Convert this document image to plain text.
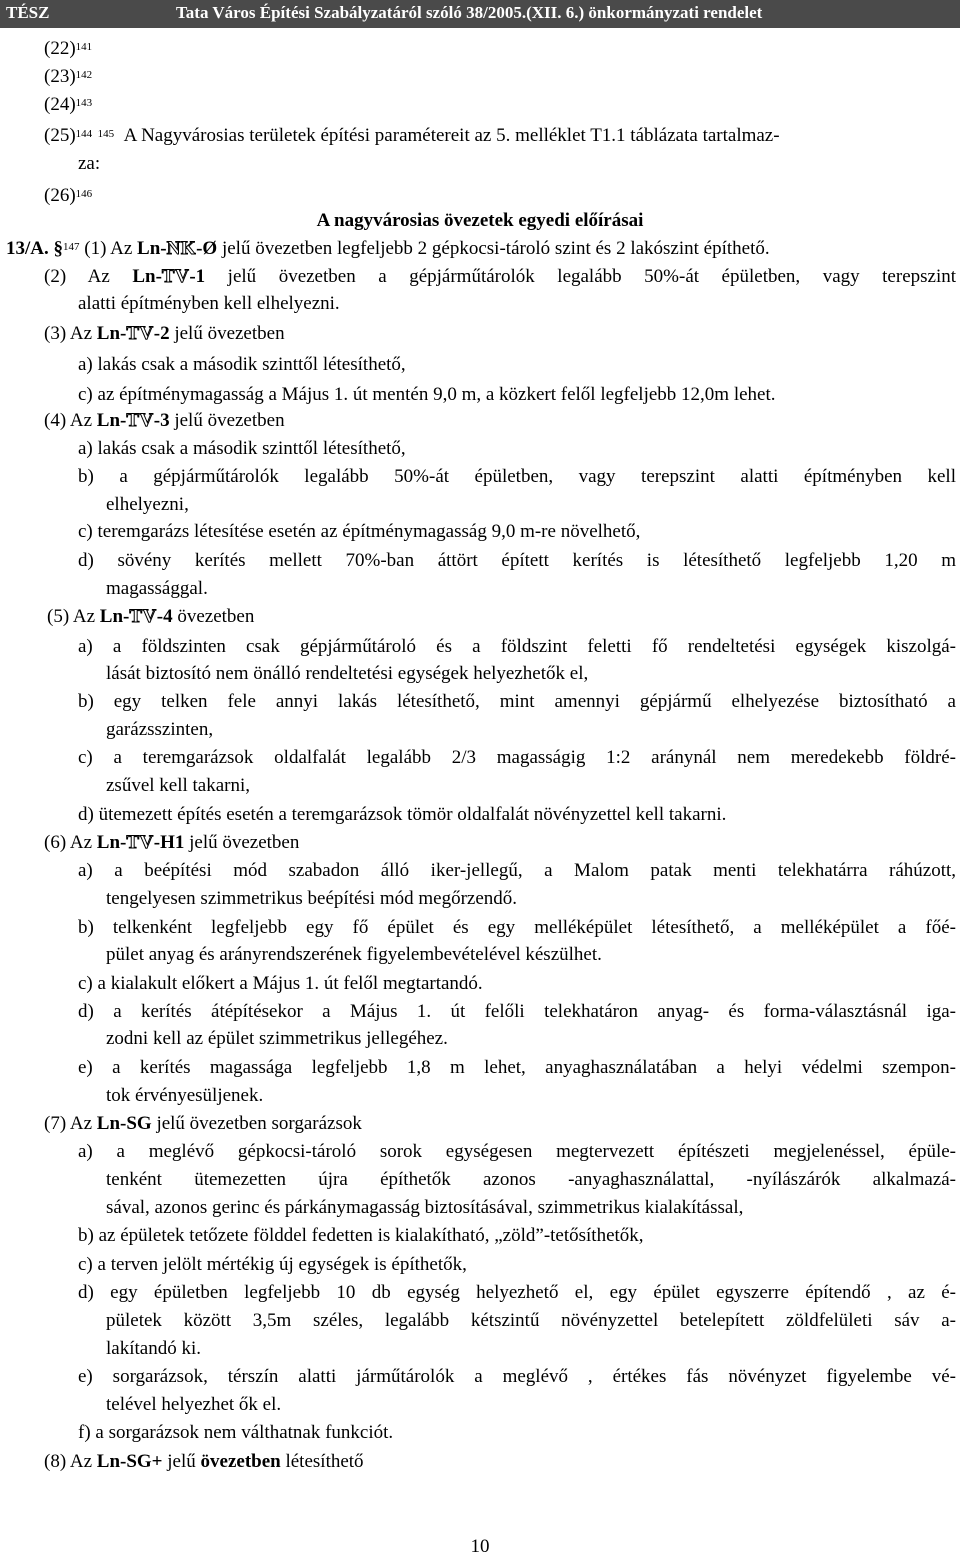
TÉSZ	Tata Város Építési Szabályzatáról szóló 38/2005.(XII. 6.) önkormányzati rendelet
$(22)^{141}$
$(23)^{142}$
$(24)^{143}$
$(25)^{144 145}$ A Nagyvárosias területek építési paramétereit az 5. melléklet T1.1 táblázata tartalmaz-
za:
$(26)^{146}$
A nagyvárosias övezetek egyedi előírásai
13/A. §$^{147}$ (1) Az Ln-NK-Ø jelű övezetben legfeljebb 2 gépkocsi-tároló szint és 2 lakószint építhető.
(2) Az Ln-TV-1 jelű övezetben a gépjárműtárolók legalább 50%-át épületben, vagy terepszint
alatti építményben kell elhelyezni.
(3) Az Ln-TV-2 jelű övezetben
a) lakás csak a második szinttől létesíthető,
c) az építménymagasság a Május 1. út mentén 9,0 m, a közkert felől legfeljebb 12,0m lehet.
(4) Az Ln-TV-3 jelű övezetben
a) lakás csak a második szinttől létesíthető,
b) a gépjárműtárolók legalább 50%-át épületben, vagy terepszint alatti építményben kell
elhelyezni,
c) teremgarázs létesítése esetén az építménymagasság 9,0 m-re növelhető,
d) sövény kerítés mellett 70%-ban áttört épített kerítés is létesíthető legfeljebb 1,20 m
magassággal.
(5) Az Ln-TV-4 övezetben
a) a földszinten csak gépjárműtároló és a földszint feletti fő rendeltetési egységek kiszolgá-
lását biztosító nem önálló rendeltetési egységek helyezhetők el,
b) egy telken fele annyi lakás létesíthető, mint amennyi gépjármű elhelyezése biztosítható a
garázsszinten,
c) a teremgarázsok oldalfalát legalább 2/3 magasságig 1:2 aránynál nem meredekebb földré-
zsűvel kell takarni,
d) ütemezett építés esetén a teremgarázsok tömör oldalfalát növényzettel kell takarni.
(6) Az Ln-TV-H1 jelű övezetben
a) a beépítési mód szabadon álló iker-jellegű, a Malom patak menti telekhatárra ráhúzott,
tengelyesen szimmetrikus beépítési mód megőrzendő.
b) telkenként legfeljebb egy fő épület és egy melléképület létesíthető, a melléképület a főé-
pület anyag és arányrendszerének figyelembevételével készülhet.
c) a kialakult előkert a Május 1. út felől megtartandó.
d) a kerítés átépítésekor a Május 1. út felőli telekhatáron anyag- és forma-választásnál iga-
zodni kell az épület szimmetrikus jellegéhez.
e) a kerítés magassága legfeljebb 1,8 m lehet, anyaghasználatában a helyi védelmi szempon-
tok érvényesüljenek.
(7) Az Ln-SG jelű övezetben sorgarázsok
a) a meglévő gépkocsi-tároló sorok egységesen megtervezett építészeti megjelenéssel, épüle-
tenként ütemezetten újra építhetők azonos -anyaghasználattal, -nyílászárók alkalmazá-
sával, azonos gerinc és párkánymagasság biztosításával, szimmetrikus kialakítással,
b) az épületek tetőzete földdel fedetten is kialakítható, „zöld”-tetősíthetők,
c) a terven jelölt mértékig új egységek is építhetők,
d) egy épületben legfeljebb 10 db egység helyezhető el, egy épület egyszerre építendő , az é-
pületek között 3,5m széles, legalább kétszintű növényzettel betelepített zöldfelületi sáv a-
lakítandó ki.
e) sorgarázsok, térszín alatti járműtárolók a meglévő , értékes fás növényzet figyelembe vé-
telével helyezhet ők el.
f) a sorgarázsok nem válthatnak funkciót.
(8) Az Ln-SG+ jelű övezetben létesíthető
10
